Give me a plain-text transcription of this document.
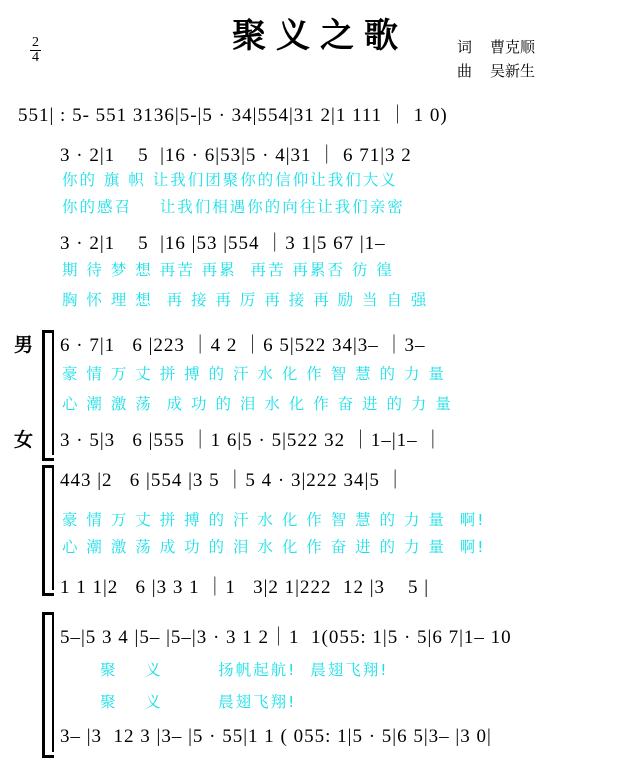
聚义之歌
$\frac{2}{4}$	词 曹克顺
曲 吴新生
551| : 5- 551 3136|5-|5 · 34|554|31 2|1 111 ｜ 1 0)
3 · 2|1    5  |16 · 6|53|5 · 4|31 ｜ 6 71|3 2
你的 旗 帜 让我们团聚你的信仰让我们大义
你的感召    让我们相遇你的向往让我们亲密
3 · 2|1    5  |16 |53 |554 ｜3 1|5 67 |1–
期 待 梦 想 再苦 再累  再苦 再累否 彷 徨
胸 怀 理 想  再 接 再 厉 再 接 再 励 当 自 强
男
女
6 · 7|1   6 |223 ｜4 2 ｜6 5|522 34|3– ｜3–
豪 情 万 丈 拼 搏 的 汗 水 化 作 智 慧 的 力 量
心 潮 激 荡  成 功 的 泪 水 化 作 奋 进 的 力 量
3 · 5|3   6 |555 ｜1 6|5 · 5|522 32 ｜1–|1– ｜
443 |2   6 |554 |3 5 ｜5 4 · 3|222 34|5 ｜
豪 情 万 丈 拼 搏 的 汗 水 化 作 智 慧 的 力 量  啊!
心 潮 激 荡 成 功 的 泪 水 化 作 奋 进 的 力 量  啊!
1 1 1|2   6 |3 3 1 ｜1   3|2 1|222  12 |3    5 |
5–|5 3 4 |5– |5–|3 · 3 1 2｜1  1(055: 1|5 · 5|6 7|1– 10
聚    义        扬帆起航!  晨翅飞翔!
聚    义        晨翅飞翔!
3– |3  12 3 |3– |5 · 55|1 1 ( 055: 1|5 · 5|6 5|3– |3 0|
